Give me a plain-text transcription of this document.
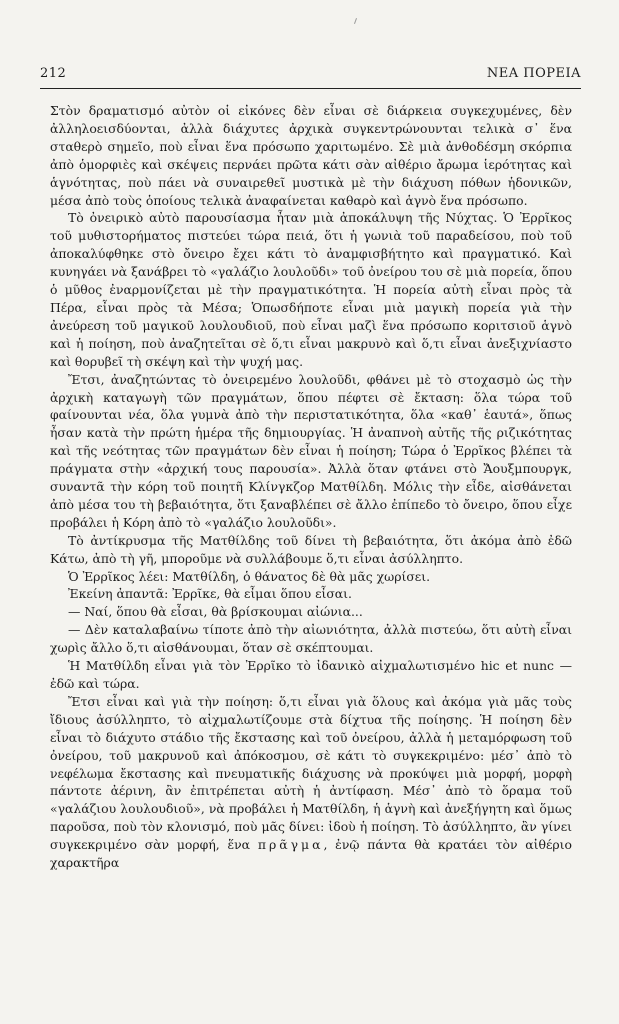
212	ΝΕΑ ΠΟΡΕΙΑ

Στὸν δραματισμό αὐτὸν οἱ εἰκόνες δὲν εἶναι σὲ διάρκεια συγκεχυμένες, δὲν ἀλληλοεισδύονται, ἀλλὰ διάχυτες ἀρχικὰ συγκεντρώνουνται τελικὰ σ᾿ ἕνα σταθερὸ σημεῖο, ποὺ εἶναι ἕνα πρόσωπο χαριτωμένο. Σὲ μιὰ ἀνθοδέσμη σκόρπια ἀπὸ ὁμορφιὲς καὶ σκέψεις περνάει πρῶτα κάτι σὰν αἰθέριο ἄρωμα ἱερότητας καὶ ἁγνότητας, ποὺ πάει νὰ συναιρεθεῖ μυστικὰ μὲ τὴν διάχυση πόθων ἡδονικῶν, μέσα ἀπὸ τοὺς ὁποίους τελικὰ ἀναφαίνεται καθαρὸ καὶ ἁγνὸ ἕνα πρόσωπο.

Τὸ ὀνειρικὸ αὐτὸ παρουσίασμα ἦταν μιὰ ἀποκάλυψη τῆς Νύχτας. Ὁ Ἐρρῖκος τοῦ μυθιστορήματος πιστεύει τώρα πειά, ὅτι ἡ γωνιὰ τοῦ παραδείσου, ποὺ τοῦ ἀποκαλύφθηκε στὸ ὄνειρο ἔχει κάτι τὸ ἀναμφισβήτητο καὶ πραγματικό. Καὶ κυνηγάει νὰ ξανάβρει τὸ «γαλάζιο λουλοῦδι» τοῦ ὀνείρου του σὲ μιὰ πορεία, ὅπου ὁ μῦθος ἐναρμονίζεται μὲ τὴν πραγματικότητα. Ἡ πορεία αὐτὴ εἶναι πρὸς τὰ Πέρα, εἶναι πρὸς τὰ Μέσα; Ὁπωσδήποτε εἶναι μιὰ μαγικὴ πορεία γιὰ τὴν ἀνεύρεση τοῦ μαγικοῦ λουλουδιοῦ, ποὺ εἶναι μαζὶ ἕνα πρόσωπο κοριτσιοῦ ἁγνὸ καὶ ἡ ποίηση, ποὺ ἀναζητεῖται σὲ ὅ,τι εἶναι μακρυνὸ καὶ ὅ,τι εἶναι ἀνεξιχνίαστο καὶ θορυβεῖ τὴ σκέψη καὶ τὴν ψυχή μας.

Ἔτσι, ἀναζητώντας τὸ ὀνειρεμένο λουλοῦδι, φθάνει μὲ τὸ στοχασμὸ ὡς τὴν ἀρχικὴ καταγωγὴ τῶν πραγμάτων, ὅπου πέφτει σὲ ἔκταση: ὅλα τώρα τοῦ φαίνουνται νέα, ὅλα γυμνὰ ἀπὸ τὴν περιστατικότητα, ὅλα «καθ᾿ ἑαυτά», ὅπως ἦσαν κατὰ τὴν πρώτη ἡμέρα τῆς δημιουργίας. Ἡ ἀναπνοὴ αὐτῆς τῆς ριζικότητας καὶ τῆς νεότητας τῶν πραγμάτων δὲν εἶναι ἡ ποίηση; Τώρα ὁ Ἐρρῖκος βλέπει τὰ πράγματα στὴν «ἀρχική τους παρουσία». Ἀλλὰ ὅταν φτάνει στὸ Ἄουξμπουργκ, συναντᾶ τὴν κόρη τοῦ ποιητῆ Κλίνγκζορ Ματθίλδη. Μόλις τὴν εἶδε, αἰσθάνεται ἀπὸ μέσα του τὴ βεβαιότητα, ὅτι ξαναβλέπει σὲ ἄλλο ἐπίπεδο τὸ ὄνειρο, ὅπου εἶχε προβάλει ἡ Κόρη ἀπὸ τὸ «γαλάζιο λουλοῦδι».

Τὸ ἀντίκρυσμα τῆς Ματθίλδης τοῦ δίνει τὴ βεβαιότητα, ὅτι ἀκόμα ἀπὸ ἐδῶ Κάτω, ἀπὸ τὴ γῆ, μποροῦμε νὰ συλλάβουμε ὅ,τι εἶναι ἀσύλληπτο.

Ὁ Ἐρρῖκος λέει: Ματθίλδη, ὁ θάνατος δὲ θὰ μᾶς χωρίσει.

Ἐκείνη ἀπαντᾶ: Ἐρρῖκε, θὰ εἶμαι ὅπου εἶσαι.

— Ναί, ὅπου θὰ εἶσαι, θὰ βρίσκουμαι αἰώνια...

— Δὲν καταλαβαίνω τίποτε ἀπὸ τὴν αἰωνιότητα, ἀλλὰ πιστεύω, ὅτι αὐτὴ εἶναι χωρὶς ἄλλο ὅ,τι αἰσθάνουμαι, ὅταν σὲ σκέπτουμαι.

Ἡ Ματθίλδη εἶναι γιὰ τὸν Ἐρρῖκο τὸ ἰδανικὸ αἰχμαλωτισμένο hic et nunc — ἐδῶ καὶ τώρα.

Ἔτσι εἶναι καὶ γιὰ τὴν ποίηση: ὅ,τι εἶναι γιὰ ὅλους καὶ ἀκόμα γιὰ μᾶς τοὺς ἴδιους ἀσύλληπτο, τὸ αἰχμαλωτίζουμε στὰ δίχτυα τῆς ποίησης. Ἡ ποίηση δὲν εἶναι τὸ διάχυτο στάδιο τῆς ἔκστασης καὶ τοῦ ὀνείρου, ἀλλὰ ἡ μεταμόρφωση τοῦ ὀνείρου, τοῦ μακρυνοῦ καὶ ἀπόκοσμου, σὲ κάτι τὸ συγκεκριμένο: μέσ᾿ ἀπὸ τὸ νεφέλωμα ἔκστασης καὶ πνευματικῆς διάχυσης νὰ προκύψει μιὰ μορφή, μορφὴ πάντοτε ἀέρινη, ἂν ἐπιτρέπεται αὐτὴ ἡ ἀντίφαση. Μέσ᾿ ἀπὸ τὸ ὅραμα τοῦ «γαλάζιου λουλουδιοῦ», νὰ προβάλει ἡ Ματθίλδη, ἡ ἁγνὴ καὶ ἀνεξήγητη καὶ ὅμως παροῦσα, ποὺ τὸν κλονισμό, ποὺ μᾶς δίνει: ἰδοὺ ἡ ποίηση. Τὸ ἀσύλληπτο, ἂν γίνει συγκεκριμένο σὰν μορφή, ἕνα πρᾶγμα, ἐνῷ πάντα θὰ κρατάει τὸν αἰθέριο χαρακτῆρα
